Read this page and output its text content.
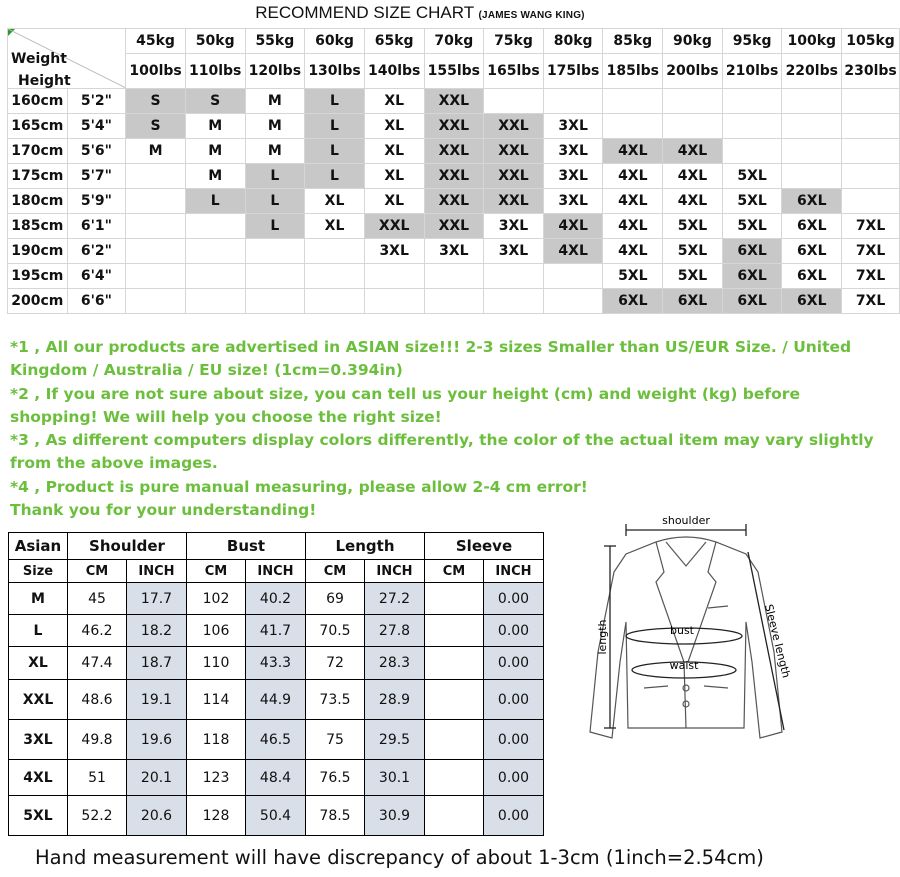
RECOMMEND SIZE CHART (JAMES WANG KING)
Weight
Height		45kg	50kg	55kg	60kg	65kg	70kg	75kg	80kg	85kg	90kg	95kg	100kg	105kg
		100lbs	110lbs	120lbs	130lbs	140lbs	155lbs	165lbs	175lbs	185lbs	200lbs	210lbs	220lbs	230lbs
160cm	5'2"	S	S	M	L	XL	XXL							
165cm	5'4"	S	M	M	L	XL	XXL	XXL	3XL					
170cm	5'6"	M	M	M	L	XL	XXL	XXL	3XL	4XL	4XL			
175cm	5'7"		M	L	L	XL	XXL	XXL	3XL	4XL	4XL	5XL		
180cm	5'9"		L	L	XL	XL	XXL	XXL	3XL	4XL	4XL	5XL	6XL	
185cm	6'1"			L	XL	XXL	XXL	3XL	4XL	4XL	5XL	5XL	6XL	7XL
190cm	6'2"					3XL	3XL	3XL	4XL	4XL	5XL	6XL	6XL	7XL
195cm	6'4"									5XL	5XL	6XL	6XL	7XL
200cm	6'6"									6XL	6XL	6XL	6XL	7XL

*1 , All our products are advertised in ASIAN size!!! 2-3 sizes Smaller than US/EUR Size. / United Kingdom / Australia / EU size! (1cm=0.394in)

*2 , If you are not sure about size, you can tell us your height (cm) and weight (kg) before shopping! We will help you choose the right size!

*3 , As different computers display colors differently, the color of the actual item may vary slightly from the above images.

*4 , Product is pure manual measuring, please allow 2-4 cm error!

Thank you for your understanding!

Asian	Shoulder		Bust		Length		Sleeve	
Size	CM	INCH	CM	INCH	CM	INCH	CM	INCH
M	45	17.7	102	40.2	69	27.2		0.00
L	46.2	18.2	106	41.7	70.5	27.8		0.00
XL	47.4	18.7	110	43.3	72	28.3		0.00
XXL	48.6	19.1	114	44.9	73.5	28.9		0.00
3XL	49.8	19.6	118	46.5	75	29.5		0.00
4XL	51	20.1	123	48.4	76.5	30.1		0.00
5XL	52.2	20.6	128	50.4	78.5	30.9		0.00
shoulder
length	bust
waist	Sleeve length
Hand measurement will have discrepancy of about 1-3cm (1inch=2.54cm)
